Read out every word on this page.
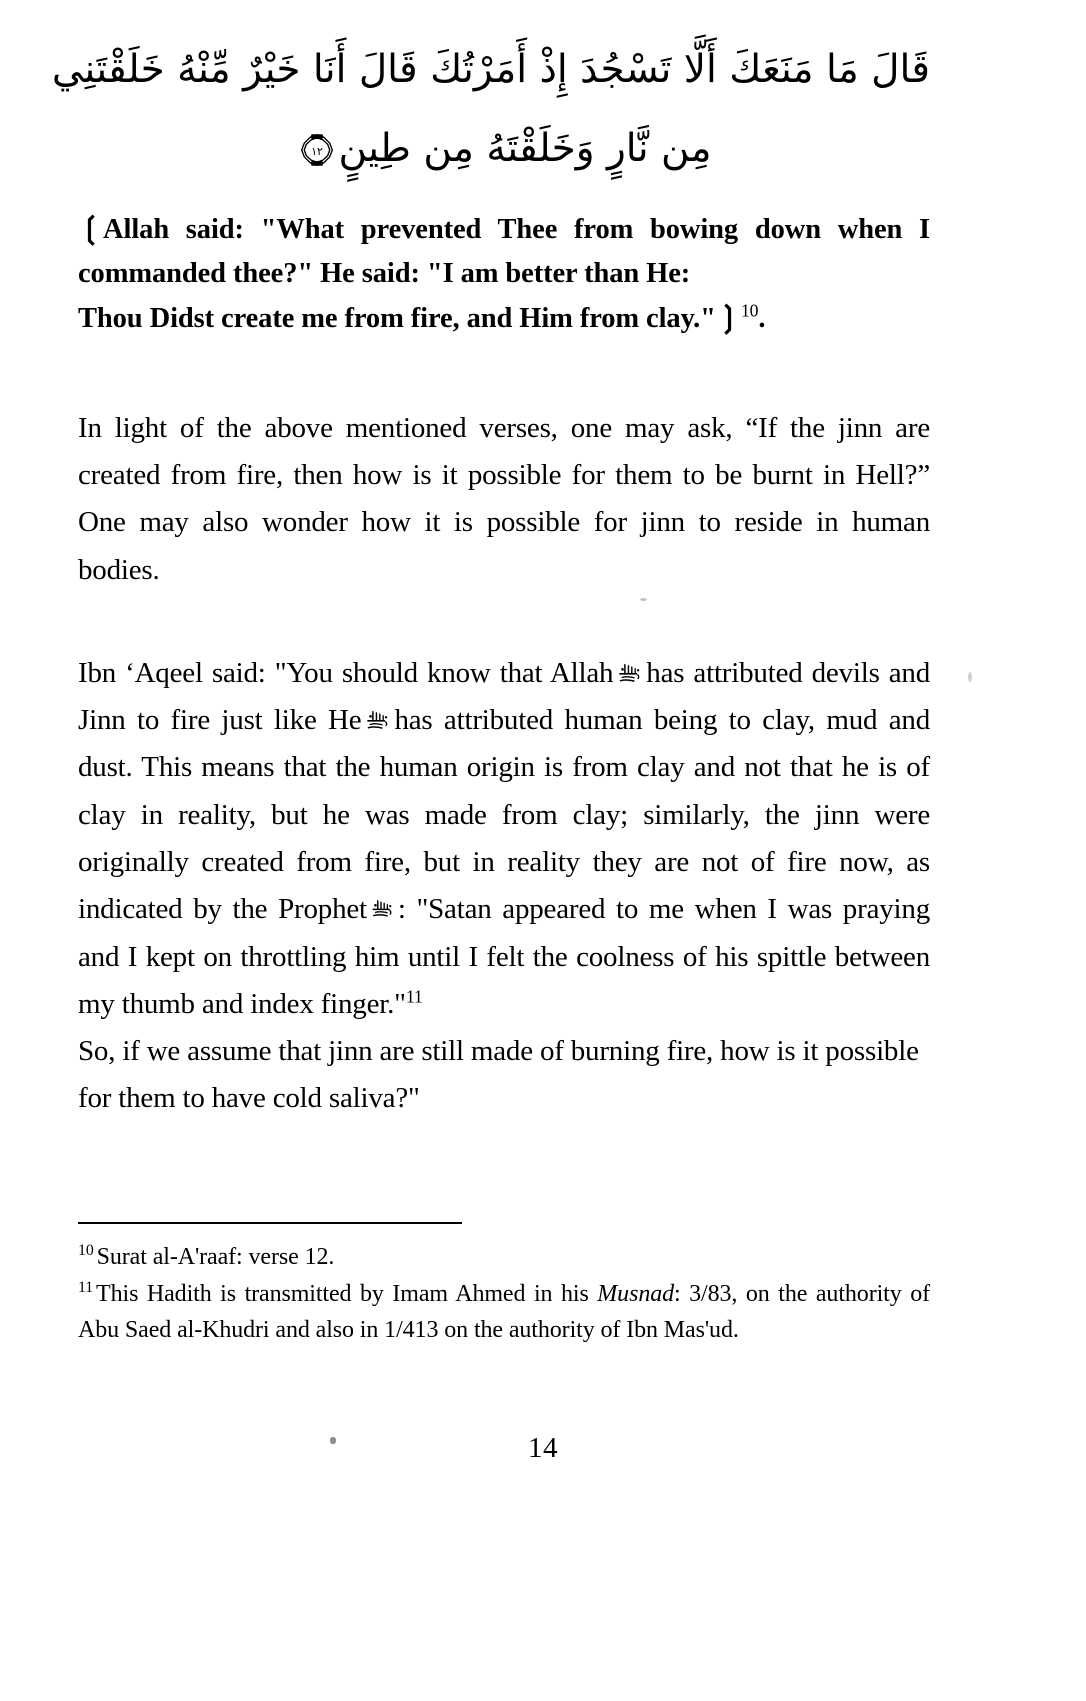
قَالَ مَا مَنَعَكَ أَلَّا تَسْجُدَ إِذْ أَمَرْتُكَ قَالَ أَنَا خَيْرٌ مِّنْهُ خَلَقْتَنِي
مِن نَّارٍ وَخَلَقْتَهُ مِن طِينٍ
١٢
❲Allah said: "What prevented Thee from bowing down when I commanded thee?" He said: "I am better than He:
Thou Didst create me from fire, and Him from clay."❳$^{10}$.

In light of the above mentioned verses, one may ask, “If the jinn are created from fire, then how is it possible for them to be burnt in Hell?” One may also wonder how it is possible for jinn to reside in human bodies.

Ibn ‘Aqeel said: "You should know that Allah has attributed devils and Jinn to fire just like He has attributed human being to clay, mud and dust. This means that the human origin is from clay and not that he is of clay in reality, but he was made from clay; similarly, the jinn were originally created from fire, but in reality they are not of fire now, as indicated by the Prophet : "Satan appeared to me when I was praying and I kept on throttling him until I felt the coolness of his spittle between my thumb and index finger."$^{11}$
So, if we assume that jinn are still made of burning fire, how is it possible for them to have cold saliva?"

$^{10}$ Surat al-A'raaf: verse 12.

$^{11}$ This Hadith is transmitted by Imam Ahmed in his Musnad: 3/83, on the authority of Abu Saed al-Khudri and also in 1/413 on the authority of Ibn Mas'ud.

14
